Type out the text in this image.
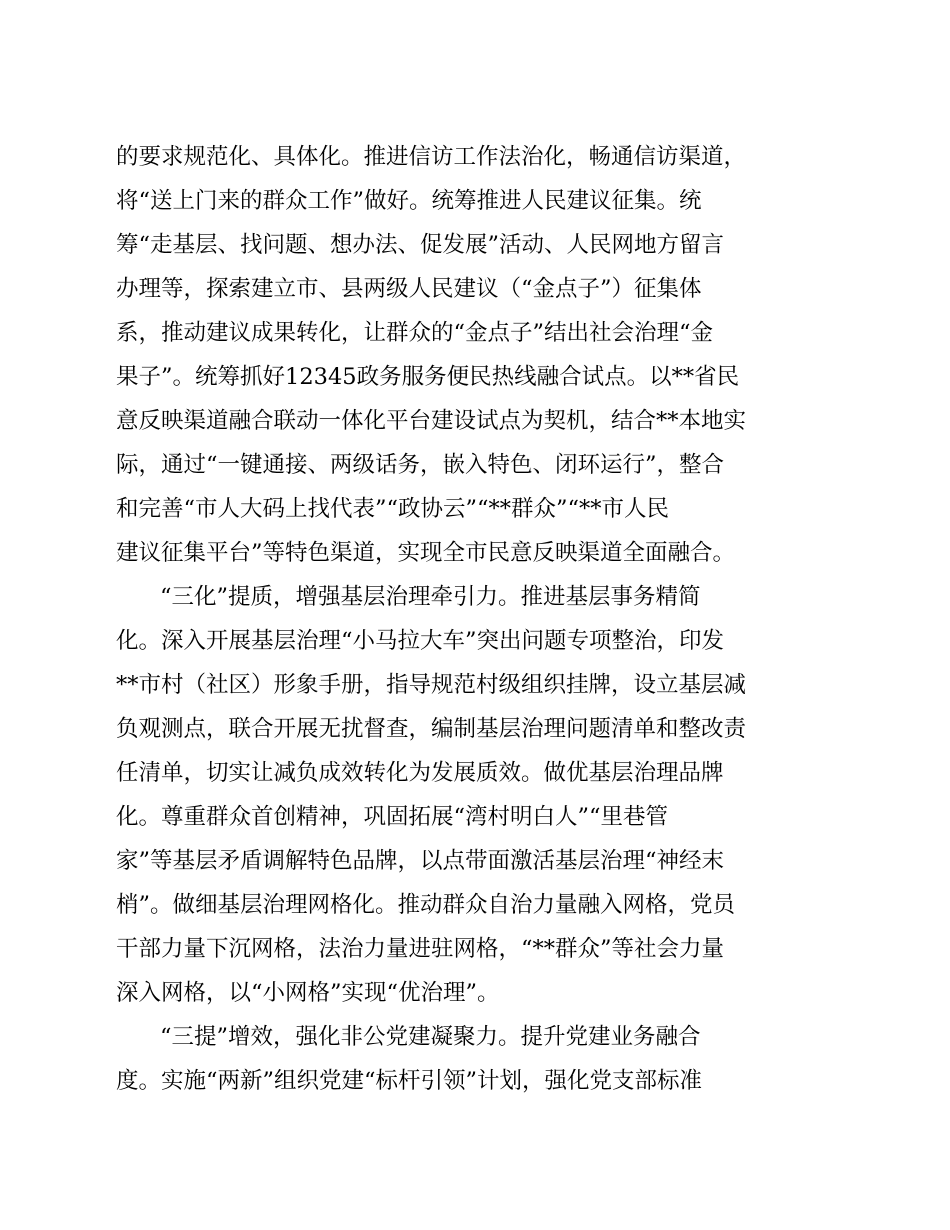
的要求规范化、具体化。推进信访工作法治化，畅通信访渠道，
将“送上门来的群众工作”做好。统筹推进人民建议征集。统
筹“走基层、找问题、想办法、促发展”活动、人民网地方留言
办理等，探索建立市、县两级人民建议（“金点子”）征集体
系，推动建议成果转化，让群众的“金点子”结出社会治理“金
果子”。统筹抓好12345政务服务便民热线融合试点。以**省民
意反映渠道融合联动一体化平台建设试点为契机，结合**本地实
际，通过“一键通接、两级话务，嵌入特色、闭环运行”，整合
和完善“市人大码上找代表”“政协云”“**群众”“**市人民
建议征集平台”等特色渠道，实现全市民意反映渠道全面融合。
“三化”提质，增强基层治理牵引力。推进基层事务精简
化。深入开展基层治理“小马拉大车”突出问题专项整治，印发
**市村（社区）形象手册，指导规范村级组织挂牌，设立基层减
负观测点，联合开展无扰督查，编制基层治理问题清单和整改责
任清单，切实让减负成效转化为发展质效。做优基层治理品牌
化。尊重群众首创精神，巩固拓展“湾村明白人”“里巷管
家”等基层矛盾调解特色品牌，以点带面激活基层治理“神经末
梢”。做细基层治理网格化。推动群众自治力量融入网格，党员
干部力量下沉网格，法治力量进驻网格，“**群众”等社会力量
深入网格，以“小网格”实现“优治理”。
“三提”增效，强化非公党建凝聚力。提升党建业务融合
度。实施“两新”组织党建“标杆引领”计划，强化党支部标准
